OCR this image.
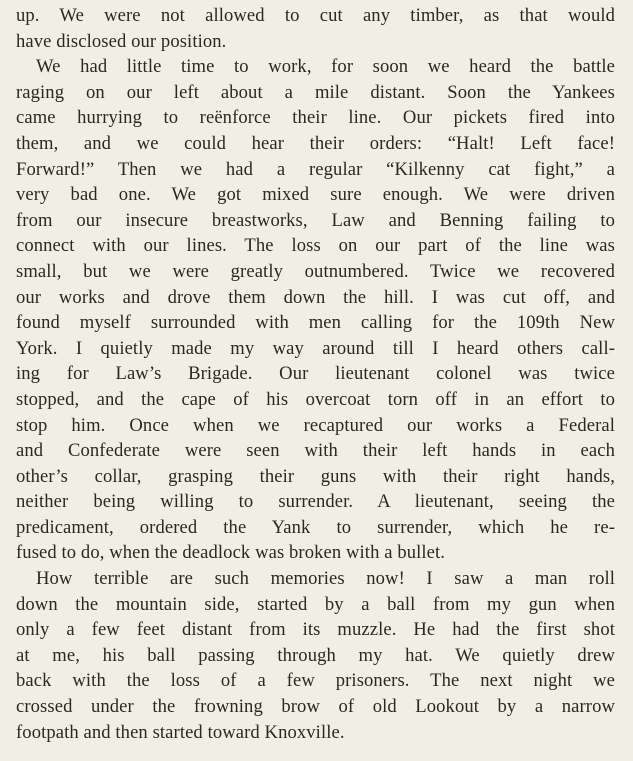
up. We were not allowed to cut any timber, as that would
have disclosed our position.
We had little time to work, for soon we heard the battle
raging on our left about a mile distant. Soon the Yankees
came hurrying to reënforce their line. Our pickets fired into
them, and we could hear their orders: “Halt! Left face!
Forward!” Then we had a regular “Kilkenny cat fight,” a
very bad one. We got mixed sure enough. We were driven
from our insecure breastworks, Law and Benning failing to
connect with our lines. The loss on our part of the line was
small, but we were greatly outnumbered. Twice we recovered
our works and drove them down the hill. I was cut off, and
found myself surrounded with men calling for the 109th New
York. I quietly made my way around till I heard others call-
ing for Law’s Brigade. Our lieutenant colonel was twice
stopped, and the cape of his overcoat torn off in an effort to
stop him. Once when we recaptured our works a Federal
and Confederate were seen with their left hands in each
other’s collar, grasping their guns with their right hands,
neither being willing to surrender. A lieutenant, seeing the
predicament, ordered the Yank to surrender, which he re-
fused to do, when the deadlock was broken with a bullet.
How terrible are such memories now! I saw a man roll
down the mountain side, started by a ball from my gun when
only a few feet distant from its muzzle. He had the first shot
at me, his ball passing through my hat. We quietly drew
back with the loss of a few prisoners. The next night we
crossed under the frowning brow of old Lookout by a narrow
footpath and then started toward Knoxville.
